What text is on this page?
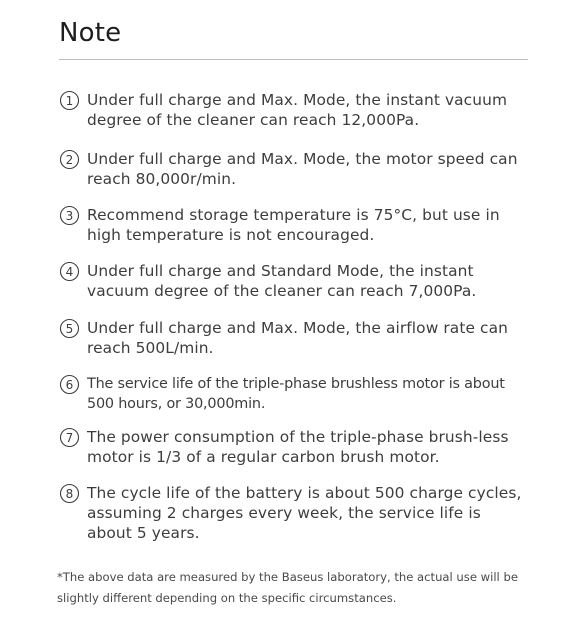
Note
1 Under full charge and Max. Mode, the instant vacuum degree of the cleaner can reach 12,000Pa.
2 Under full charge and Max. Mode, the motor speed can reach 80,000r/min.
3 Recommend storage temperature is 75°C, but use in high temperature is not encouraged.
4 Under full charge and Standard Mode, the instant vacuum degree of the cleaner can reach 7,000Pa.
5 Under full charge and Max. Mode, the airflow rate can reach 500L/min.
6 The service life of the triple-phase brushless motor is about 500 hours, or 30,000min.
7 The power consumption of the triple-phase brush-less motor is 1/3 of a regular carbon brush motor.
8 The cycle life of the battery is about 500 charge cycles, assuming 2 charges every week, the service life is about 5 years.

*The above data are measured by the Baseus laboratory, the actual use will be slightly different depending on the specific circumstances.
